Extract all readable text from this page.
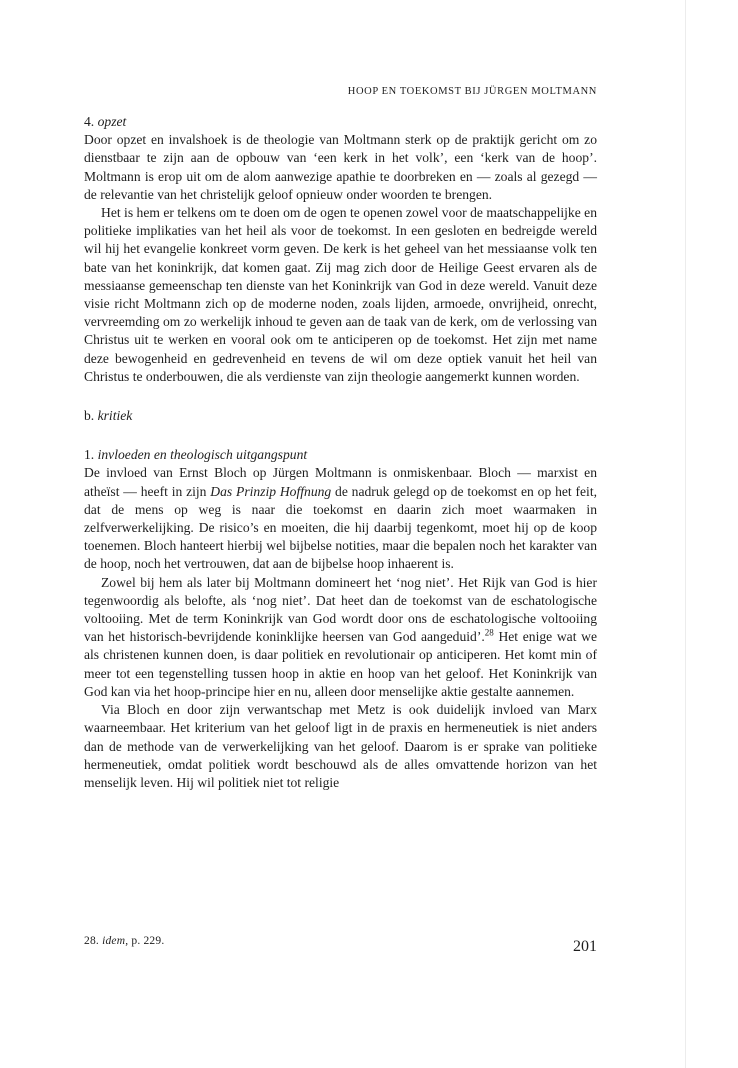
HOOP EN TOEKOMST BIJ JÜRGEN MOLTMANN

4. opzet

Door opzet en invalshoek is de theologie van Moltmann sterk op de praktijk gericht om zo dienstbaar te zijn aan de opbouw van ‘een kerk in het volk’, een ‘kerk van de hoop’. Moltmann is erop uit om de alom aanwezige apathie te doorbreken en — zoals al gezegd — de relevantie van het christelijk geloof opnieuw onder woorden te brengen.

Het is hem er telkens om te doen om de ogen te openen zowel voor de maatschappelijke en politieke implikaties van het heil als voor de toekomst. In een gesloten en bedreigde wereld wil hij het evangelie konkreet vorm geven. De kerk is het geheel van het messiaanse volk ten bate van het koninkrijk, dat komen gaat. Zij mag zich door de Heilige Geest ervaren als de messiaanse gemeenschap ten dienste van het Koninkrijk van God in deze wereld. Vanuit deze visie richt Moltmann zich op de moderne noden, zoals lijden, armoede, onvrijheid, onrecht, vervreemding om zo werkelijk inhoud te geven aan de taak van de kerk, om de verlossing van Christus uit te werken en vooral ook om te anticiperen op de toekomst. Het zijn met name deze bewogenheid en gedrevenheid en tevens de wil om deze optiek vanuit het heil van Christus te onderbouwen, die als verdienste van zijn theologie aangemerkt kunnen worden.

b. kritiek

1. invloeden en theologisch uitgangspunt

De invloed van Ernst Bloch op Jürgen Moltmann is onmiskenbaar. Bloch — marxist en atheïst — heeft in zijn Das Prinzip Hoffnung de nadruk gelegd op de toekomst en op het feit, dat de mens op weg is naar die toekomst en daarin zich moet waarmaken in zelfverwerkelijking. De risico’s en moeiten, die hij daarbij tegenkomt, moet hij op de koop toenemen. Bloch hanteert hierbij wel bijbelse notities, maar die bepalen noch het karakter van de hoop, noch het vertrouwen, dat aan de bijbelse hoop inhaerent is.

Zowel bij hem als later bij Moltmann domineert het ‘nog niet’. Het Rijk van God is hier tegenwoordig als belofte, als ‘nog niet’. Dat heet dan de toekomst van de eschatologische voltooiing. Met de term Koninkrijk van God wordt door ons de eschatologische voltooiing van het historisch-bevrijdende koninklijke heersen van God aangeduid’.$^{28}$ Het enige wat we als christenen kunnen doen, is daar politiek en revolutionair op anticiperen. Het komt min of meer tot een tegenstelling tussen hoop in aktie en hoop van het geloof. Het Koninkrijk van God kan via het hoop-principe hier en nu, alleen door menselijke aktie gestalte aannemen.

Via Bloch en door zijn verwantschap met Metz is ook duidelijk invloed van Marx waarneembaar. Het kriterium van het geloof ligt in de praxis en hermeneutiek is niet anders dan de methode van de verwerkelijking van het geloof. Daarom is er sprake van politieke hermeneutiek, omdat politiek wordt beschouwd als de alles omvattende horizon van het menselijk leven. Hij wil politiek niet tot religie

28. idem, p. 229.	201
